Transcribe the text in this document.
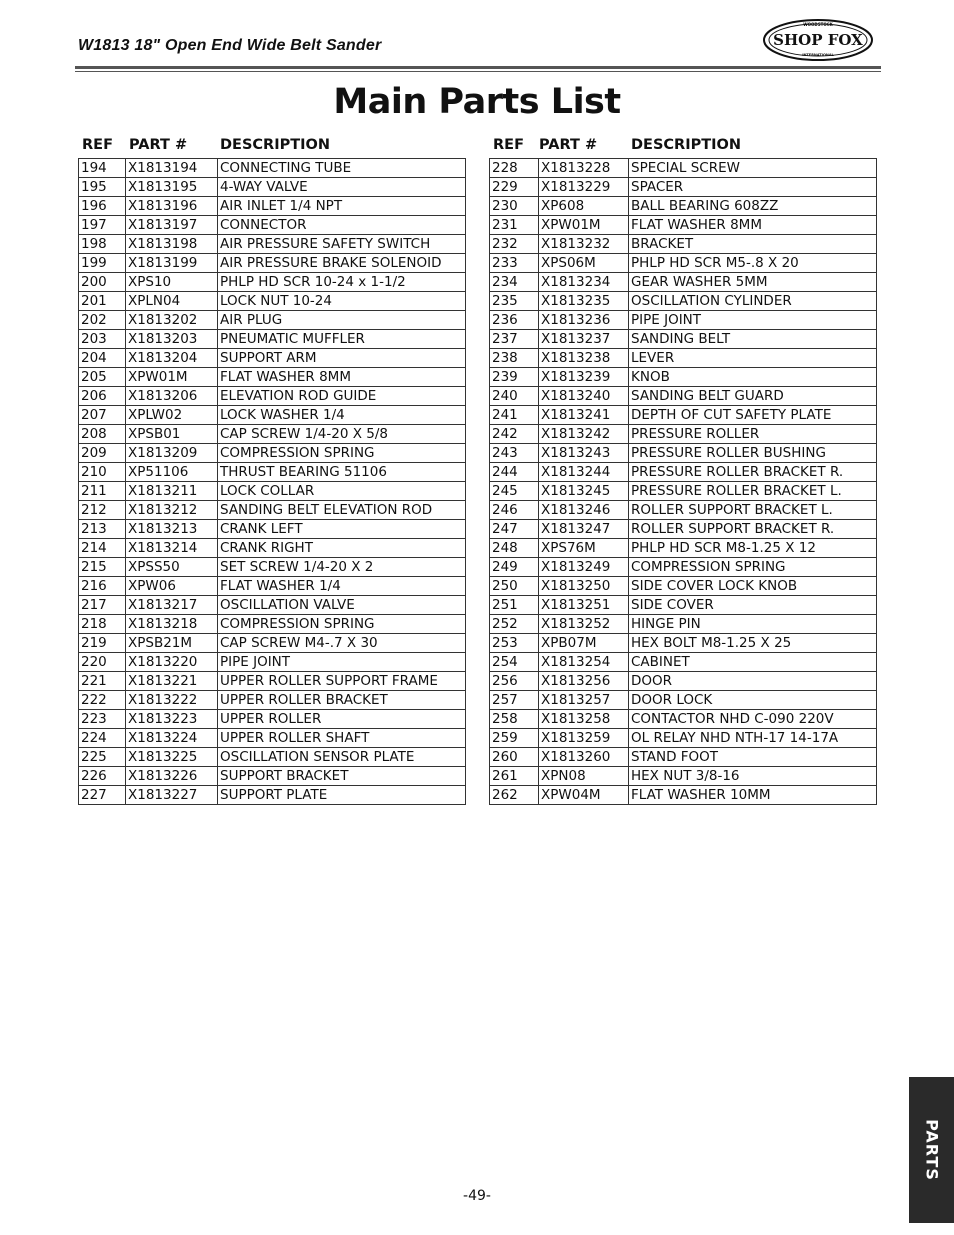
W1813 18" Open End Wide Belt Sander
WOODSTOCK
SHOP FOX
INTERNATIONAL
Main Parts List
REF PART # DESCRIPTION
194	X1813194	CONNECTING TUBE
195	X1813195	4-WAY VALVE
196	X1813196	AIR INLET 1/4 NPT
197	X1813197	CONNECTOR
198	X1813198	AIR PRESSURE SAFETY SWITCH
199	X1813199	AIR PRESSURE BRAKE SOLENOID
200	XPS10	PHLP HD SCR 10-24 x 1-1/2
201	XPLN04	LOCK NUT 10-24
202	X1813202	AIR PLUG
203	X1813203	PNEUMATIC MUFFLER
204	X1813204	SUPPORT ARM
205	XPW01M	FLAT WASHER 8MM
206	X1813206	ELEVATION ROD GUIDE
207	XPLW02	LOCK WASHER 1/4
208	XPSB01	CAP SCREW 1/4-20 X 5/8
209	X1813209	COMPRESSION SPRING
210	XP51106	THRUST BEARING 51106
211	X1813211	LOCK COLLAR
212	X1813212	SANDING BELT ELEVATION ROD
213	X1813213	CRANK LEFT
214	X1813214	CRANK RIGHT
215	XPSS50	SET SCREW 1/4-20 X 2
216	XPW06	FLAT WASHER 1/4
217	X1813217	OSCILLATION VALVE
218	X1813218	COMPRESSION SPRING
219	XPSB21M	CAP SCREW M4-.7 X 30
220	X1813220	PIPE JOINT
221	X1813221	UPPER ROLLER SUPPORT FRAME
222	X1813222	UPPER ROLLER BRACKET
223	X1813223	UPPER ROLLER
224	X1813224	UPPER ROLLER SHAFT
225	X1813225	OSCILLATION SENSOR PLATE
226	X1813226	SUPPORT BRACKET
227	X1813227	SUPPORT PLATE
REF PART # DESCRIPTION
228	X1813228	SPECIAL SCREW
229	X1813229	SPACER
230	XP608	BALL BEARING 608ZZ
231	XPW01M	FLAT WASHER 8MM
232	X1813232	BRACKET
233	XPS06M	PHLP HD SCR M5-.8 X 20
234	X1813234	GEAR WASHER 5MM
235	X1813235	OSCILLATION CYLINDER
236	X1813236	PIPE JOINT
237	X1813237	SANDING BELT
238	X1813238	LEVER
239	X1813239	KNOB
240	X1813240	SANDING BELT GUARD
241	X1813241	DEPTH OF CUT SAFETY PLATE
242	X1813242	PRESSURE ROLLER
243	X1813243	PRESSURE ROLLER BUSHING
244	X1813244	PRESSURE ROLLER BRACKET R.
245	X1813245	PRESSURE ROLLER BRACKET L.
246	X1813246	ROLLER SUPPORT BRACKET L.
247	X1813247	ROLLER SUPPORT BRACKET R.
248	XPS76M	PHLP HD SCR M8-1.25 X 12
249	X1813249	COMPRESSION SPRING
250	X1813250	SIDE COVER LOCK KNOB
251	X1813251	SIDE COVER
252	X1813252	HINGE PIN
253	XPB07M	HEX BOLT M8-1.25 X 25
254	X1813254	CABINET
256	X1813256	DOOR
257	X1813257	DOOR LOCK
258	X1813258	CONTACTOR NHD C-090 220V
259	X1813259	OL RELAY NHD NTH-17 14-17A
260	X1813260	STAND FOOT
261	XPN08	HEX NUT 3/8-16
262	XPW04M	FLAT WASHER 10MM
PARTS
-49-
